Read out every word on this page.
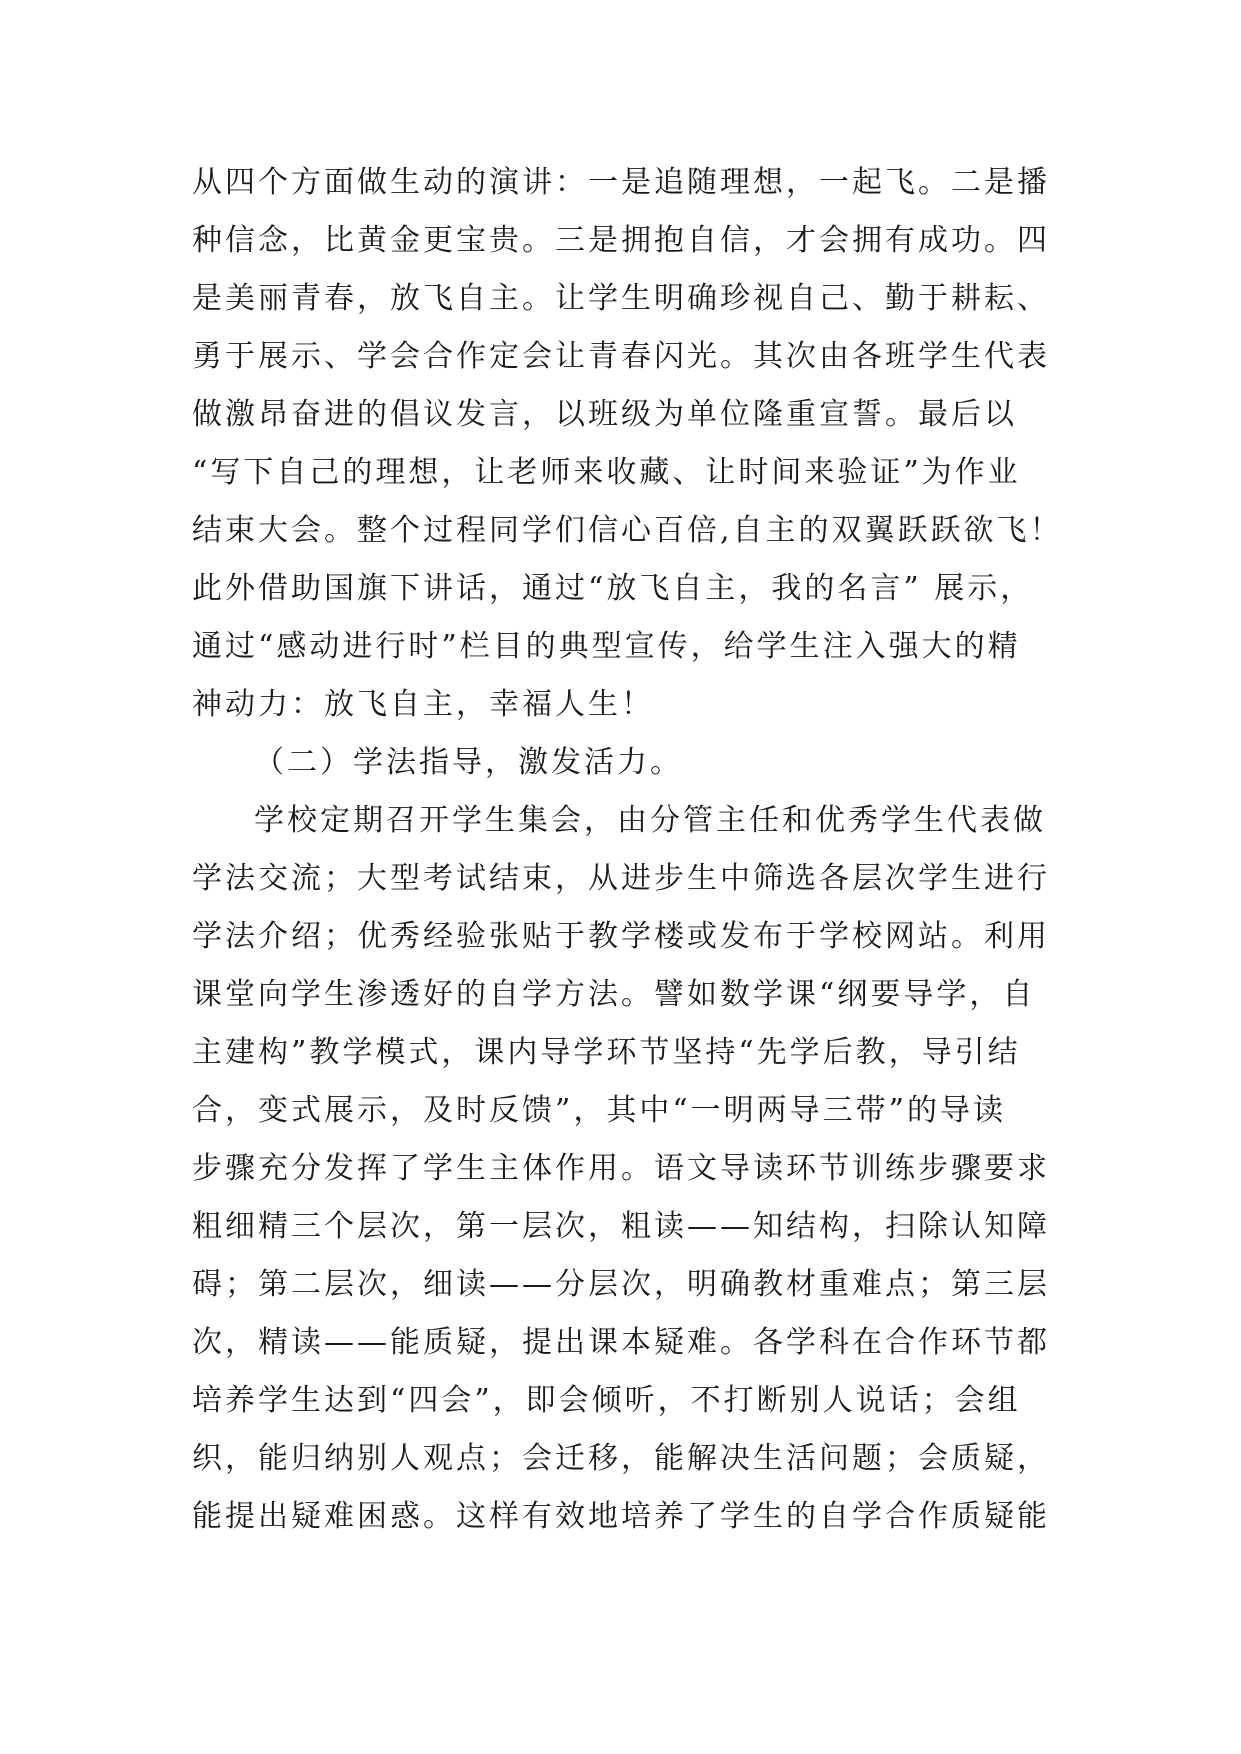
从四个方面做生动的演讲：一是追随理想，一起飞。二是播
种信念，比黄金更宝贵。三是拥抱自信，才会拥有成功。四
是美丽青春，放飞自主。让学生明确珍视自己、勤于耕耘、
勇于展示、学会合作定会让青春闪光。其次由各班学生代表
做激昂奋进的倡议发言，以班级为单位隆重宣誓。最后以
“写下自己的理想，让老师来收藏、让时间来验证”为作业
结束大会。整个过程同学们信心百倍,自主的双翼跃跃欲飞！
此外借助国旗下讲话，通过“放飞自主，我的名言” 展示，
通过“感动进行时”栏目的典型宣传，给学生注入强大的精
神动力：放飞自主，幸福人生！
（二）学法指导，激发活力。
学校定期召开学生集会，由分管主任和优秀学生代表做
学法交流；大型考试结束，从进步生中筛选各层次学生进行
学法介绍；优秀经验张贴于教学楼或发布于学校网站。利用
课堂向学生渗透好的自学方法。譬如数学课“纲要导学，自
主建构”教学模式，课内导学环节坚持“先学后教，导引结
合，变式展示，及时反馈”，其中“一明两导三带”的导读
步骤充分发挥了学生主体作用。语文导读环节训练步骤要求
粗细精三个层次，第一层次，粗读——知结构，扫除认知障
碍；第二层次，细读——分层次，明确教材重难点；第三层
次，精读——能质疑，提出课本疑难。各学科在合作环节都
培养学生达到“四会”，即会倾听，不打断别人说话；会组
织，能归纳别人观点；会迁移，能解决生活问题；会质疑，
能提出疑难困惑。这样有效地培养了学生的自学合作质疑能
